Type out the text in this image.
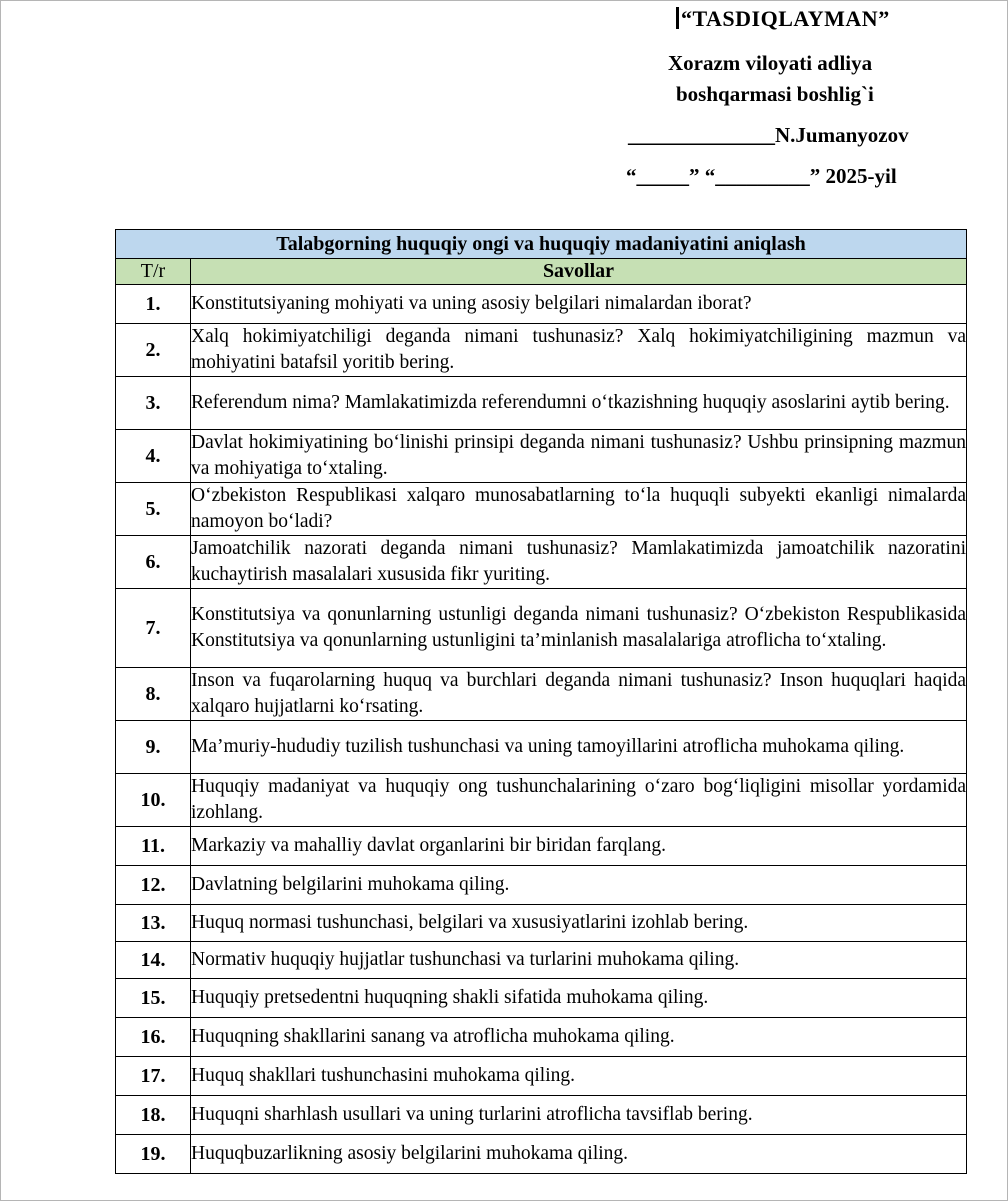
“TASDIQLAYMAN”
Xorazm viloyati adliya
boshqarmasi boshlig`i
______________N.Jumanyozov
“_____” “_________” 2025-yil
Talabgorning huquqiy ongi va huquqiy madaniyatini aniqlash	
T/r	Savollar
1.	Konstitutsiyaning mohiyati va uning asosiy belgilari nimalardan iborat?
2.	Xalq hokimiyatchiligi deganda nimani tushunasiz? Xalq hokimiyatchiligining mazmun va mohiyatini batafsil yoritib bering.
3.	Referendum nima? Mamlakatimizda referendumni o‘tkazishning huquqiy asoslarini aytib bering.
4.	Davlat hokimiyatining bo‘linishi prinsipi deganda nimani tushunasiz? Ushbu prinsipning mazmun va mohiyatiga to‘xtaling.
5.	O‘zbekiston Respublikasi xalqaro munosabatlarning to‘la huquqli subyekti ekanligi nimalarda namoyon bo‘ladi?
6.	Jamoatchilik nazorati deganda nimani tushunasiz? Mamlakatimizda jamoatchilik nazoratini kuchaytirish masalalari xususida fikr yuriting.
7.	Konstitutsiya va qonunlarning ustunligi deganda nimani tushunasiz? O‘zbekiston Respublikasida Konstitutsiya va qonunlarning ustunligini ta’minlanish masalalariga atroflicha to‘xtaling.
8.	Inson va fuqarolarning huquq va burchlari deganda nimani tushunasiz? Inson huquqlari haqida xalqaro hujjatlarni ko‘rsating.
9.	Ma’muriy-hududiy tuzilish tushunchasi va uning tamoyillarini atroflicha muhokama qiling.
10.	Huquqiy madaniyat va huquqiy ong tushunchalarining o‘zaro bog‘liqligini misollar yordamida izohlang.
11.	Markaziy va mahalliy davlat organlarini bir biridan farqlang.
12.	Davlatning belgilarini muhokama qiling.
13.	Huquq normasi tushunchasi, belgilari va xususiyatlarini izohlab bering.
14.	Normativ huquqiy hujjatlar tushunchasi va turlarini muhokama qiling.
15.	Huquqiy pretsedentni huquqning shakli sifatida muhokama qiling.
16.	Huquqning shakllarini sanang va atroflicha muhokama qiling.
17.	Huquq shakllari tushunchasini muhokama qiling.
18.	Huquqni sharhlash usullari va uning turlarini atroflicha tavsiflab bering.
19.	Huquqbuzarlikning asosiy belgilarini muhokama qiling.
